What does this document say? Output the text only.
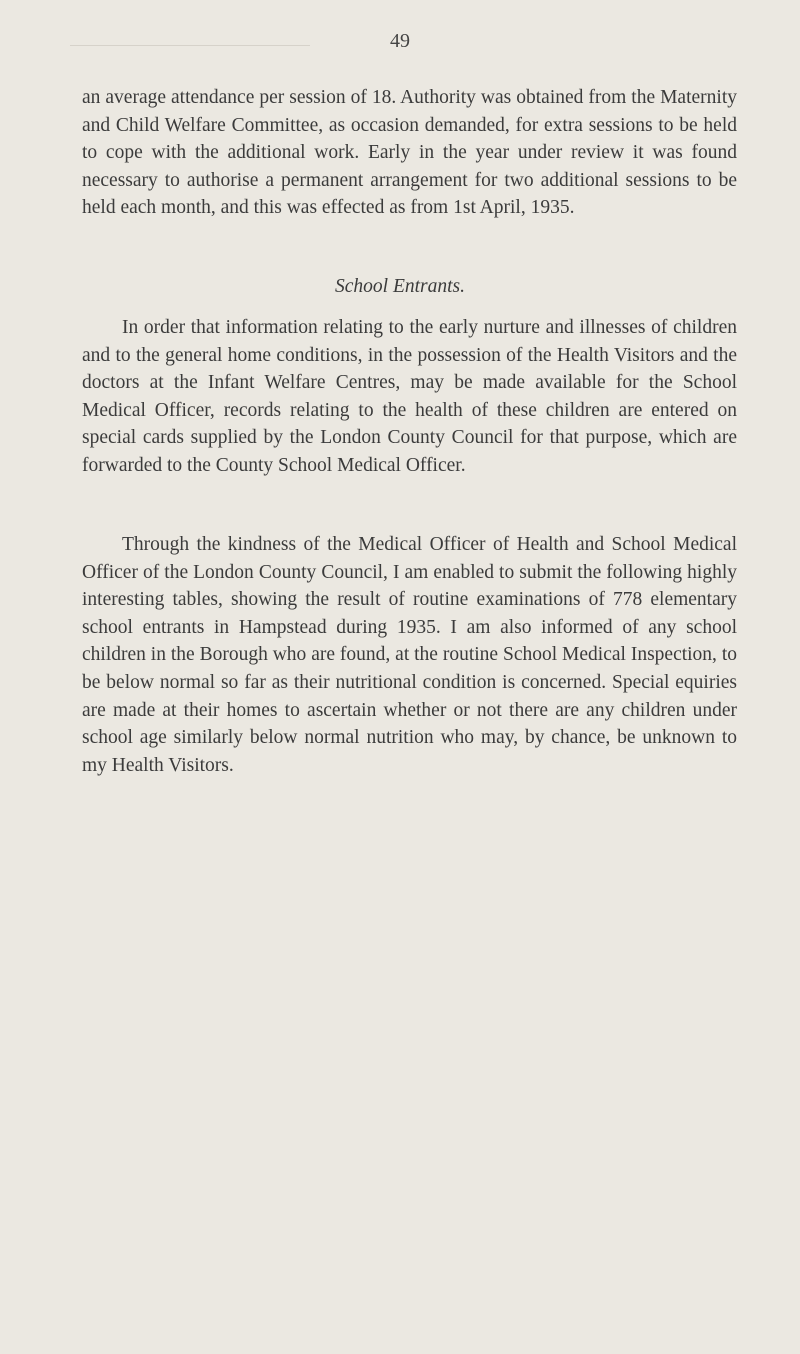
49
an average attendance per session of 18. Authority was obtained from the Maternity and Child Welfare Committee, as occasion demanded, for extra sessions to be held to cope with the additional work. Early in the year under review it was found necessary to authorise a permanent arrangement for two additional sessions to be held each month, and this was effected as from 1st April, 1935.
School Entrants.
In order that information relating to the early nurture and illnesses of children and to the general home conditions, in the possession of the Health Visitors and the doctors at the Infant Welfare Centres, may be made available for the School Medical Officer, records relating to the health of these children are entered on special cards supplied by the London County Council for that purpose, which are forwarded to the County School Medical Officer.
Through the kindness of the Medical Officer of Health and School Medical Officer of the London County Council, I am enabled to submit the following highly interesting tables, showing the result of routine examinations of 778 elementary school entrants in Hampstead during 1935. I am also informed of any school children in the Borough who are found, at the routine School Medical Inspection, to be below normal so far as their nutritional condition is concerned. Special equiries are made at their homes to ascertain whether or not there are any children under school age similarly below normal nutrition who may, by chance, be unknown to my Health Visitors.
